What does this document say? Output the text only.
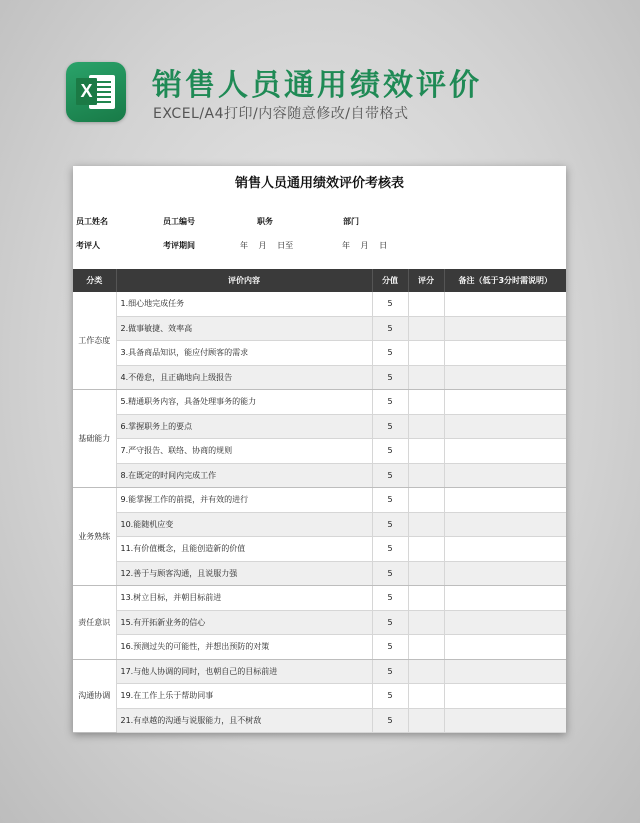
X 销售人员通用绩效评价
EXCEL/A4打印/内容随意修改/自带格式
销售人员通用绩效评价考核表
员工姓名	员工编号	职务	部门
考评人	考评期间	年　 月　 日至	年　 月　 日
分类	评价内容	分值	评分	备注（低于3分时需说明）
工作态度	1.细心地完成任务	5		
	2.做事敏捷、效率高	5		
	3.具备商品知识，能应付顾客的需求	5		
	4.不倦怠，且正确地向上级报告	5		
基础能力	5.精通职务内容，具备处理事务的能力	5		
	6.掌握职务上的要点	5		
	7.严守报告、联络、协商的规则	5		
	8.在既定的时间内完成工作	5		
业务熟练	9.能掌握工作的前提，并有效的进行	5		
	10.能随机应变	5		
	11.有价值概念，且能创造新的价值	5		
	12.善于与顾客沟通，且说服力强	5		
责任意识	13.树立目标，并朝目标前进	5		
	15.有开拓新业务的信心	5		
	16.预测过失的可能性，并想出预防的对策	5		
沟通协调	17.与他人协调的同时，也朝自己的目标前进	5		
	19.在工作上乐于帮助同事	5		
	21.有卓越的沟通与说服能力，且不树敌	5		
